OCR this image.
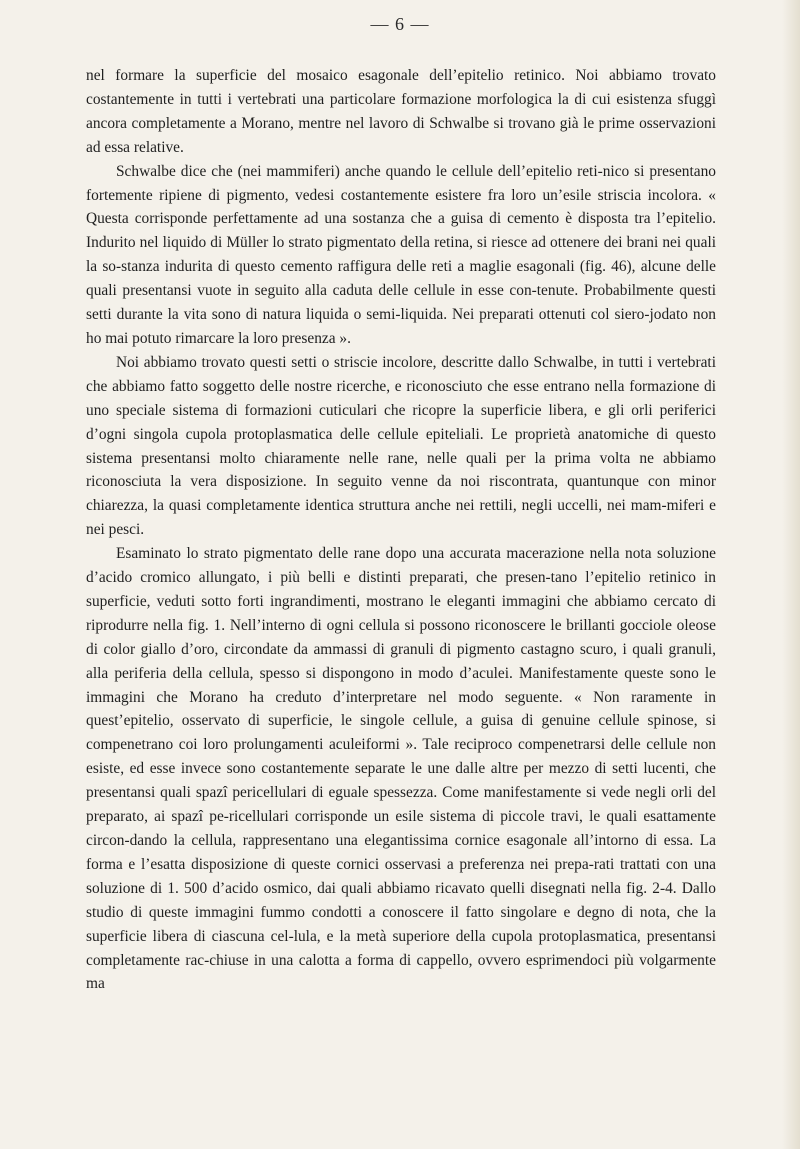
— 6 —

nel formare la superficie del mosaico esagonale dell’epitelio retinico. Noi abbiamo trovato costantemente in tutti i vertebrati una particolare formazione morfologica la di cui esistenza sfuggì ancora completamente a Morano, mentre nel lavoro di Schwalbe si trovano già le prime osservazioni ad essa relative.

Schwalbe dice che (nei mammiferi) anche quando le cellule dell’epitelio reti-nico si presentano fortemente ripiene di pigmento, vedesi costantemente esistere fra loro un’esile striscia incolora. « Questa corrisponde perfettamente ad una sostanza che a guisa di cemento è disposta tra l’epitelio. Indurito nel liquido di Müller lo strato pigmentato della retina, si riesce ad ottenere dei brani nei quali la so-stanza indurita di questo cemento raffigura delle reti a maglie esagonali (fig. 46), alcune delle quali presentansi vuote in seguito alla caduta delle cellule in esse con-tenute. Probabilmente questi setti durante la vita sono di natura liquida o semi-liquida. Nei preparati ottenuti col siero-jodato non ho mai potuto rimarcare la loro presenza ».

Noi abbiamo trovato questi setti o striscie incolore, descritte dallo Schwalbe, in tutti i vertebrati che abbiamo fatto soggetto delle nostre ricerche, e riconosciuto che esse entrano nella formazione di uno speciale sistema di formazioni cuticulari che ricopre la superficie libera, e gli orli periferici d’ogni singola cupola protoplasmatica delle cellule epiteliali. Le proprietà anatomiche di questo sistema presentansi molto chiaramente nelle rane, nelle quali per la prima volta ne abbiamo riconosciuta la vera disposizione. In seguito venne da noi riscontrata, quantunque con minor chiarezza, la quasi completamente identica struttura anche nei rettili, negli uccelli, nei mam-miferi e nei pesci.

Esaminato lo strato pigmentato delle rane dopo una accurata macerazione nella nota soluzione d’acido cromico allungato, i più belli e distinti preparati, che presen-tano l’epitelio retinico in superficie, veduti sotto forti ingrandimenti, mostrano le eleganti immagini che abbiamo cercato di riprodurre nella fig. 1. Nell’interno di ogni cellula si possono riconoscere le brillanti gocciole oleose di color giallo d’oro, circondate da ammassi di granuli di pigmento castagno scuro, i quali granuli, alla periferia della cellula, spesso si dispongono in modo d’aculei. Manifestamente queste sono le immagini che Morano ha creduto d’interpretare nel modo seguente. « Non raramente in quest’epitelio, osservato di superficie, le singole cellule, a guisa di genuine cellule spinose, si compenetrano coi loro prolungamenti aculeiformi ». Tale reciproco compenetrarsi delle cellule non esiste, ed esse invece sono costantemente separate le une dalle altre per mezzo di setti lucenti, che presentansi quali spazî pericellulari di eguale spessezza. Come manifestamente si vede negli orli del preparato, ai spazî pe-ricellulari corrisponde un esile sistema di piccole travi, le quali esattamente circon-dando la cellula, rappresentano una elegantissima cornice esagonale all’intorno di essa. La forma e l’esatta disposizione di queste cornici osservasi a preferenza nei prepa-rati trattati con una soluzione di 1. 500 d’acido osmico, dai quali abbiamo ricavato quelli disegnati nella fig. 2-4. Dallo studio di queste immagini fummo condotti a conoscere il fatto singolare e degno di nota, che la superficie libera di ciascuna cel-lula, e la metà superiore della cupola protoplasmatica, presentansi completamente rac-chiuse in una calotta a forma di cappello, ovvero esprimendoci più volgarmente ma
